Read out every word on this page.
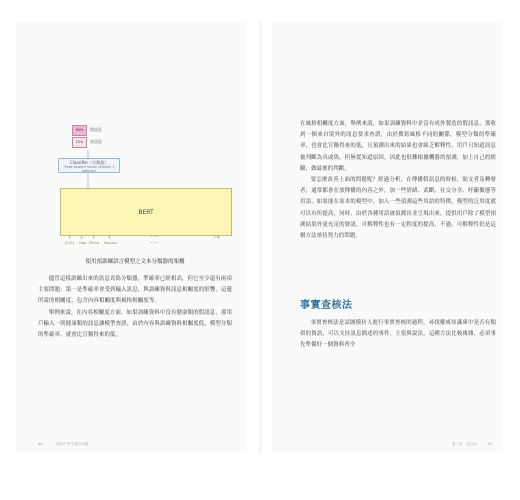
85%	假訊息
15%	真訊息
Classifier（分類器）
(Feed-forward neural network + softmax)
BERT
1	2	3	4	• • •	512
[CLS] Help Prince Mayuko	• • •
使用預訓練語言模型之文本分類器的架構

儘管這樣訓練出來的訊息真偽分類器，準確率已經相高，但它至少還有兩項主要問題：第一是準確率會受到輸入訊息，與訓練資料訊息相關度的影響，這邊所說的相關度，包含內容相關度與風格相關度等。

舉例來說，在內容相關度方面，如果訓練資料中沒有健康類的假訊息，那用戶輸入一則健康類的訊息讓模型查證，由於內容與訓練資料相關度低，模型分類的準確率，就會比宣稱得來的低。

在風格相關度方面，舉例來說，如果訓練資料中並沒有成外製造的假訊息，那收到一個來自境外的訊息要求查證，由於撰寫風格不同的關係，模型分類的準確率，也會比宣稱得來的低，且預測出來的結果也會缺乏解釋性，用戶只知道訊息被判斷為真或偽，但無從知道原因，因此也很難根據機器的預測，加上自己的經驗，做最後的判斷。

要怎麼改善上面的問題呢？經過分析，在傳播假訊息的時候，貼文者及轉發者，通常都會在放傳播的內容之外，加一些情緒、武斷、社交分享、呼籲擬態等用語，如果能在原本的模型中，加入一些偵測這些用語的特徵，模型的泛用度就可以有所提高，同時，由於各種用語被偵測出並呈現出來，提供用戶除了模型預測結果外更充足的資訊，可解釋性也有一定程度的提高，不過，可解釋性仍是這個方法亟待努力的問題。

事實查核法

事實查核法是試圖模仿人進行事實查核的過程，尋找權威知識庫中是否有類似的資訊，可以支持訊息描述的事件，主張與說法，這種方法比較複雜，必須事先準備好一個資料齊全

64	寫給中學生看的AI課	第三章　語言AI	65
